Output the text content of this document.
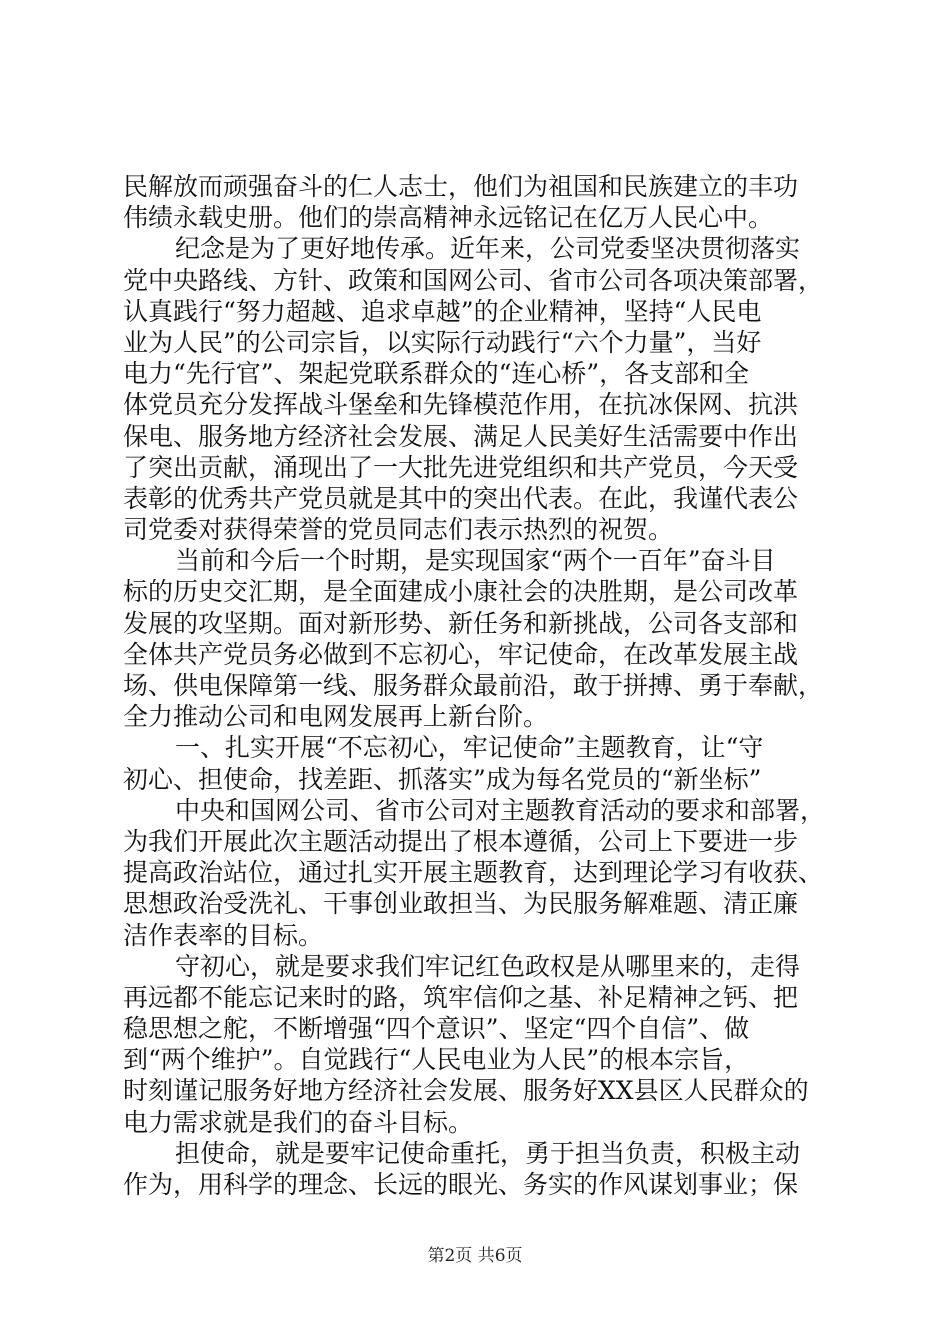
民解放而顽强奋斗的仁人志士，他们为祖国和民族建立的丰功
伟绩永载史册。他们的崇高精神永远铭记在亿万人民心中。
纪念是为了更好地传承。近年来，公司党委坚决贯彻落实
党中央路线、方针、政策和国网公司、省市公司各项决策部署，
认真践行“努力超越、追求卓越”的企业精神，坚持“人民电
业为人民”的公司宗旨，以实际行动践行“六个力量”，当好
电力“先行官”、架起党联系群众的“连心桥”，各支部和全
体党员充分发挥战斗堡垒和先锋模范作用，在抗冰保网、抗洪
保电、服务地方经济社会发展、满足人民美好生活需要中作出
了突出贡献，涌现出了一大批先进党组织和共产党员，今天受
表彰的优秀共产党员就是其中的突出代表。在此，我谨代表公
司党委对获得荣誉的党员同志们表示热烈的祝贺。
当前和今后一个时期，是实现国家“两个一百年”奋斗目
标的历史交汇期，是全面建成小康社会的决胜期，是公司改革
发展的攻坚期。面对新形势、新任务和新挑战，公司各支部和
全体共产党员务必做到不忘初心，牢记使命，在改革发展主战
场、供电保障第一线、服务群众最前沿，敢于拼搏、勇于奉献，
全力推动公司和电网发展再上新台阶。
一、扎实开展“不忘初心，牢记使命”主题教育，让“守
初心、担使命，找差距、抓落实”成为每名党员的“新坐标”
中央和国网公司、省市公司对主题教育活动的要求和部署，
为我们开展此次主题活动提出了根本遵循，公司上下要进一步
提高政治站位，通过扎实开展主题教育，达到理论学习有收获、
思想政治受洗礼、干事创业敢担当、为民服务解难题、清正廉
洁作表率的目标。
守初心，就是要求我们牢记红色政权是从哪里来的，走得
再远都不能忘记来时的路，筑牢信仰之基、补足精神之钙、把
稳思想之舵，不断增强“四个意识”、坚定“四个自信”、做
到“两个维护”。自觉践行“人民电业为人民”的根本宗旨，
时刻谨记服务好地方经济社会发展、服务好XX县区人民群众的
电力需求就是我们的奋斗目标。
担使命，就是要牢记使命重托，勇于担当负责，积极主动
作为，用科学的理念、长远的眼光、务实的作风谋划事业；保
第2页 共6页
